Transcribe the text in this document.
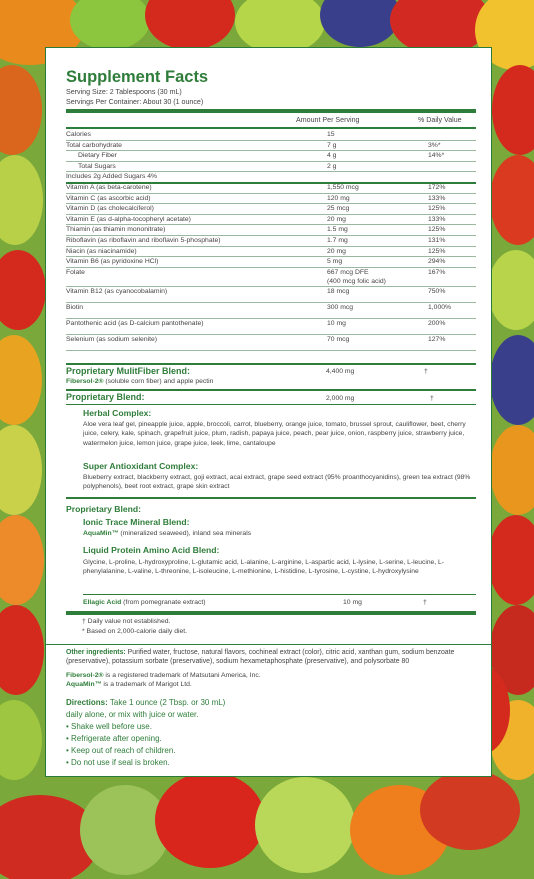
Supplement Facts
Serving Size: 2 Tablespoons (30 mL)
Servings Per Container: About 30 (1 ounce)
Amount Per Serving	% Daily Value
Calories	15
Total carbohydrate	7 g	3%*
Dietary Fiber	4 g	14%*
Total Sugars	2 g
Includes 2g Added Sugars 4%
Vitamin A (as beta-carotene)	1,550 mcg	172%
Vitamin C (as ascorbic acid)	120 mg	133%
Vitamin D (as cholecalciferol)	25 mcg	125%
Vitamin E (as d-alpha-tocopheryl acetate)	20 mg	133%
Thiamin (as thiamin mononitrate)	1.5 mg	125%
Riboflavin (as riboflavin and riboflavin 5-phosphate)	1.7 mg	131%
Niacin (as niacinamide)	20 mg	125%
Vitamin B6 (as pyridoxine HCl)	5 mg	294%
Folate	667 mcg DFE	167%
(400 mcg folic acid)
Vitamin B12 (as cyanocobalamin)	18 mcg	750%
Biotin	300 mcg	1,000%
Pantothenic acid (as D-calcium pantothenate)	10 mg	200%
Selenium (as sodium selenite)	70 mcg	127%
Proprietary MulitFiber Blend:	4,400 mg	†
Fibersol-2® (soluble corn fiber) and apple pectin
Proprietary Blend:	2,000 mg	†
Herbal Complex:
Aloe vera leaf gel, pineapple juice, apple, broccoli, carrot, blueberry, orange juice, tomato, brussel sprout, cauliflower, beet, cherry juice, celery, kale, spinach, grapefruit juice, plum, radish, papaya juice, peach, pear juice, onion, raspberry juice, strawberry juice, watermelon juice, lemon juice, grape juice, leek, lime, cantaloupe
Super Antioxidant Complex:
Blueberry extract, blackberry extract, goji extract, acai extract, grape seed extract (95% proanthocyanidins), green tea extract (98% polyphenols), beet root extract, grape skin extract
Proprietary Blend:
Ionic Trace Mineral Blend:
AquaMin™ (mineralized seaweed), inland sea minerals
Liquid Protein Amino Acid Blend:
Glycine, L-proline, L-hydroxyproline, L-glutamic acid, L-alanine, L-arginine, L-aspartic acid, L-lysine, L-serine, L-leucine, L-phenylalanine, L-valine, L-threonine, L-isoleucine, L-methionine, L-histidine, L-tyrosine, L-cystine, L-hydroxylysine
Ellagic Acid (from pomegranate extract)	10 mg	†
† Daily value not established.
* Based on 2,000-calorie daily diet.
Other ingredients: Purified water, fructose, natural flavors, cochineal extract (color), citric acid, xanthan gum, sodium benzoate (preservative), potassium sorbate (preservative), sodium hexametaphosphate (preservative), and polysorbate 80
Fibersol-2® is a registered trademark of Matsutani America, Inc.
AquaMin™ is a trademark of Marigot Ltd.
Directions: Take 1 ounce (2 Tbsp. or 30 mL)
daily alone, or mix with juice or water.
• Shake well before use.
• Refrigerate after opening.
• Keep out of reach of children.
• Do not use if seal is broken.
